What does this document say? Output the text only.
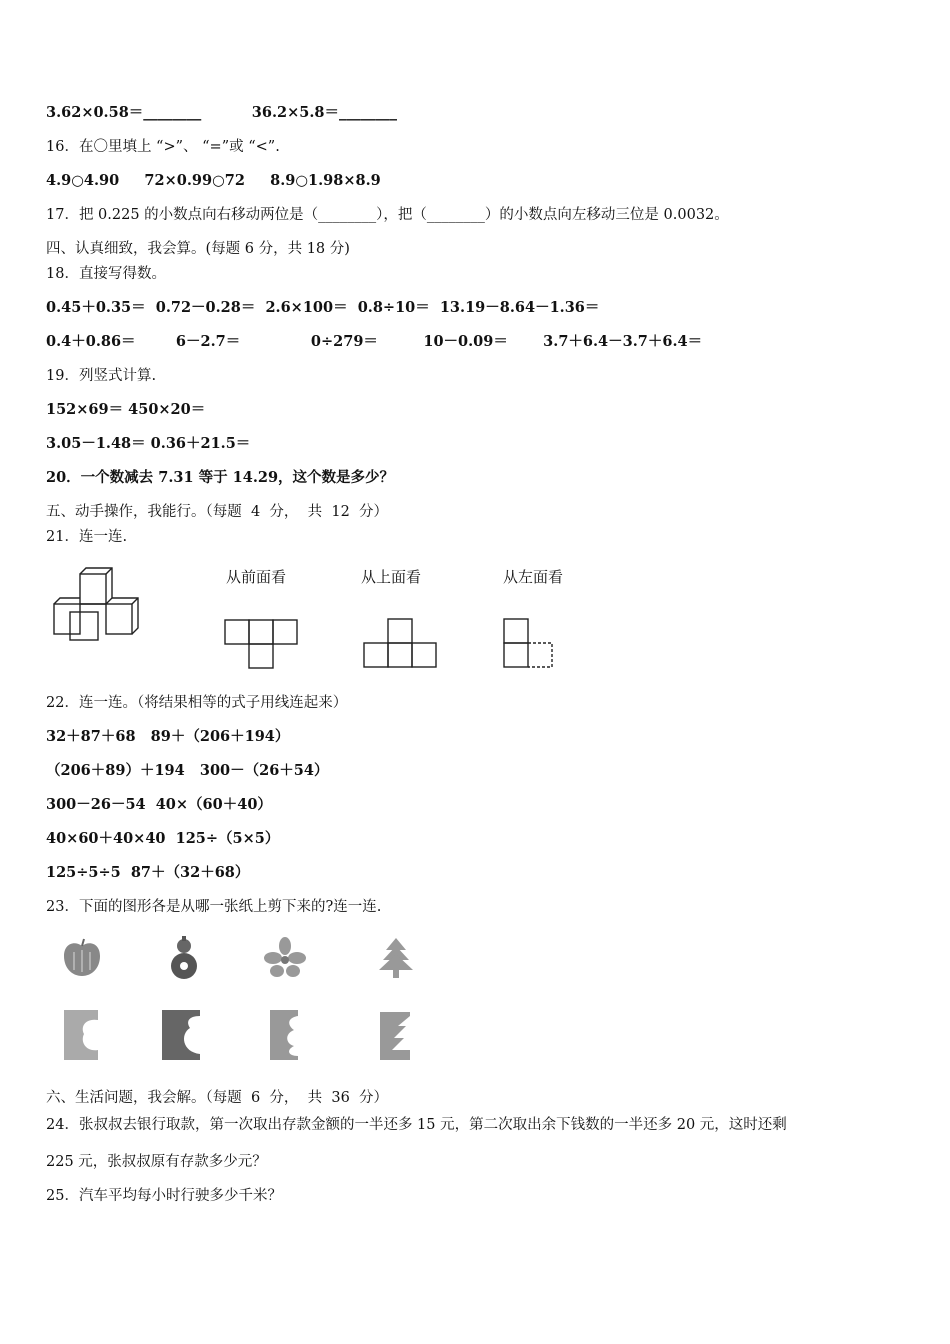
3.62×0.58＝________          36.2×5.8＝________
16．在〇里填上 “>”、 “=”或 “<”.
4.9○4.90     72×0.99○72     8.9○1.98×8.9
17．把 0.225 的小数点向右移动两位是（________），把（________）的小数点向左移动三位是 0.0032。
四、认真细致，我会算。(每题 6 分，共 18 分)
18．直接写得数。
0.45＋0.35＝  0.72－0.28＝  2.6×100＝  0.8÷10＝  13.19－8.64－1.36＝
0.4＋0.86＝        6－2.7＝              0÷279＝         10－0.09＝       3.7＋6.4－3.7＋6.4＝
19．列竖式计算.
152×69＝ 450×20＝
3.05－1.48＝ 0.36＋21.5＝
20．一个数减去 7.31 等于 14.29，这个数是多少？
五、动手操作，我能行。（每题  4  分，  共  12  分）
21．连一连.
从前面看	从上面看	从左面看
22．连一连。（将结果相等的式子用线连起来）
32＋87＋68   89＋（206＋194）
（206＋89）＋194   300－（26＋54）
300－26－54  40×（60＋40）
40×60＋40×40  125÷（5×5）
125÷5÷5  87＋（32＋68）
23．下面的图形各是从哪一张纸上剪下来的?连一连.
六、生活问题，我会解。（每题  6  分，  共  36  分）
24．张叔叔去银行取款，第一次取出存款金额的一半还多 15 元，第二次取出余下钱数的一半还多 20 元，这时还剩
225 元，张叔叔原有存款多少元？
25．汽车平均每小时行驶多少千米？
